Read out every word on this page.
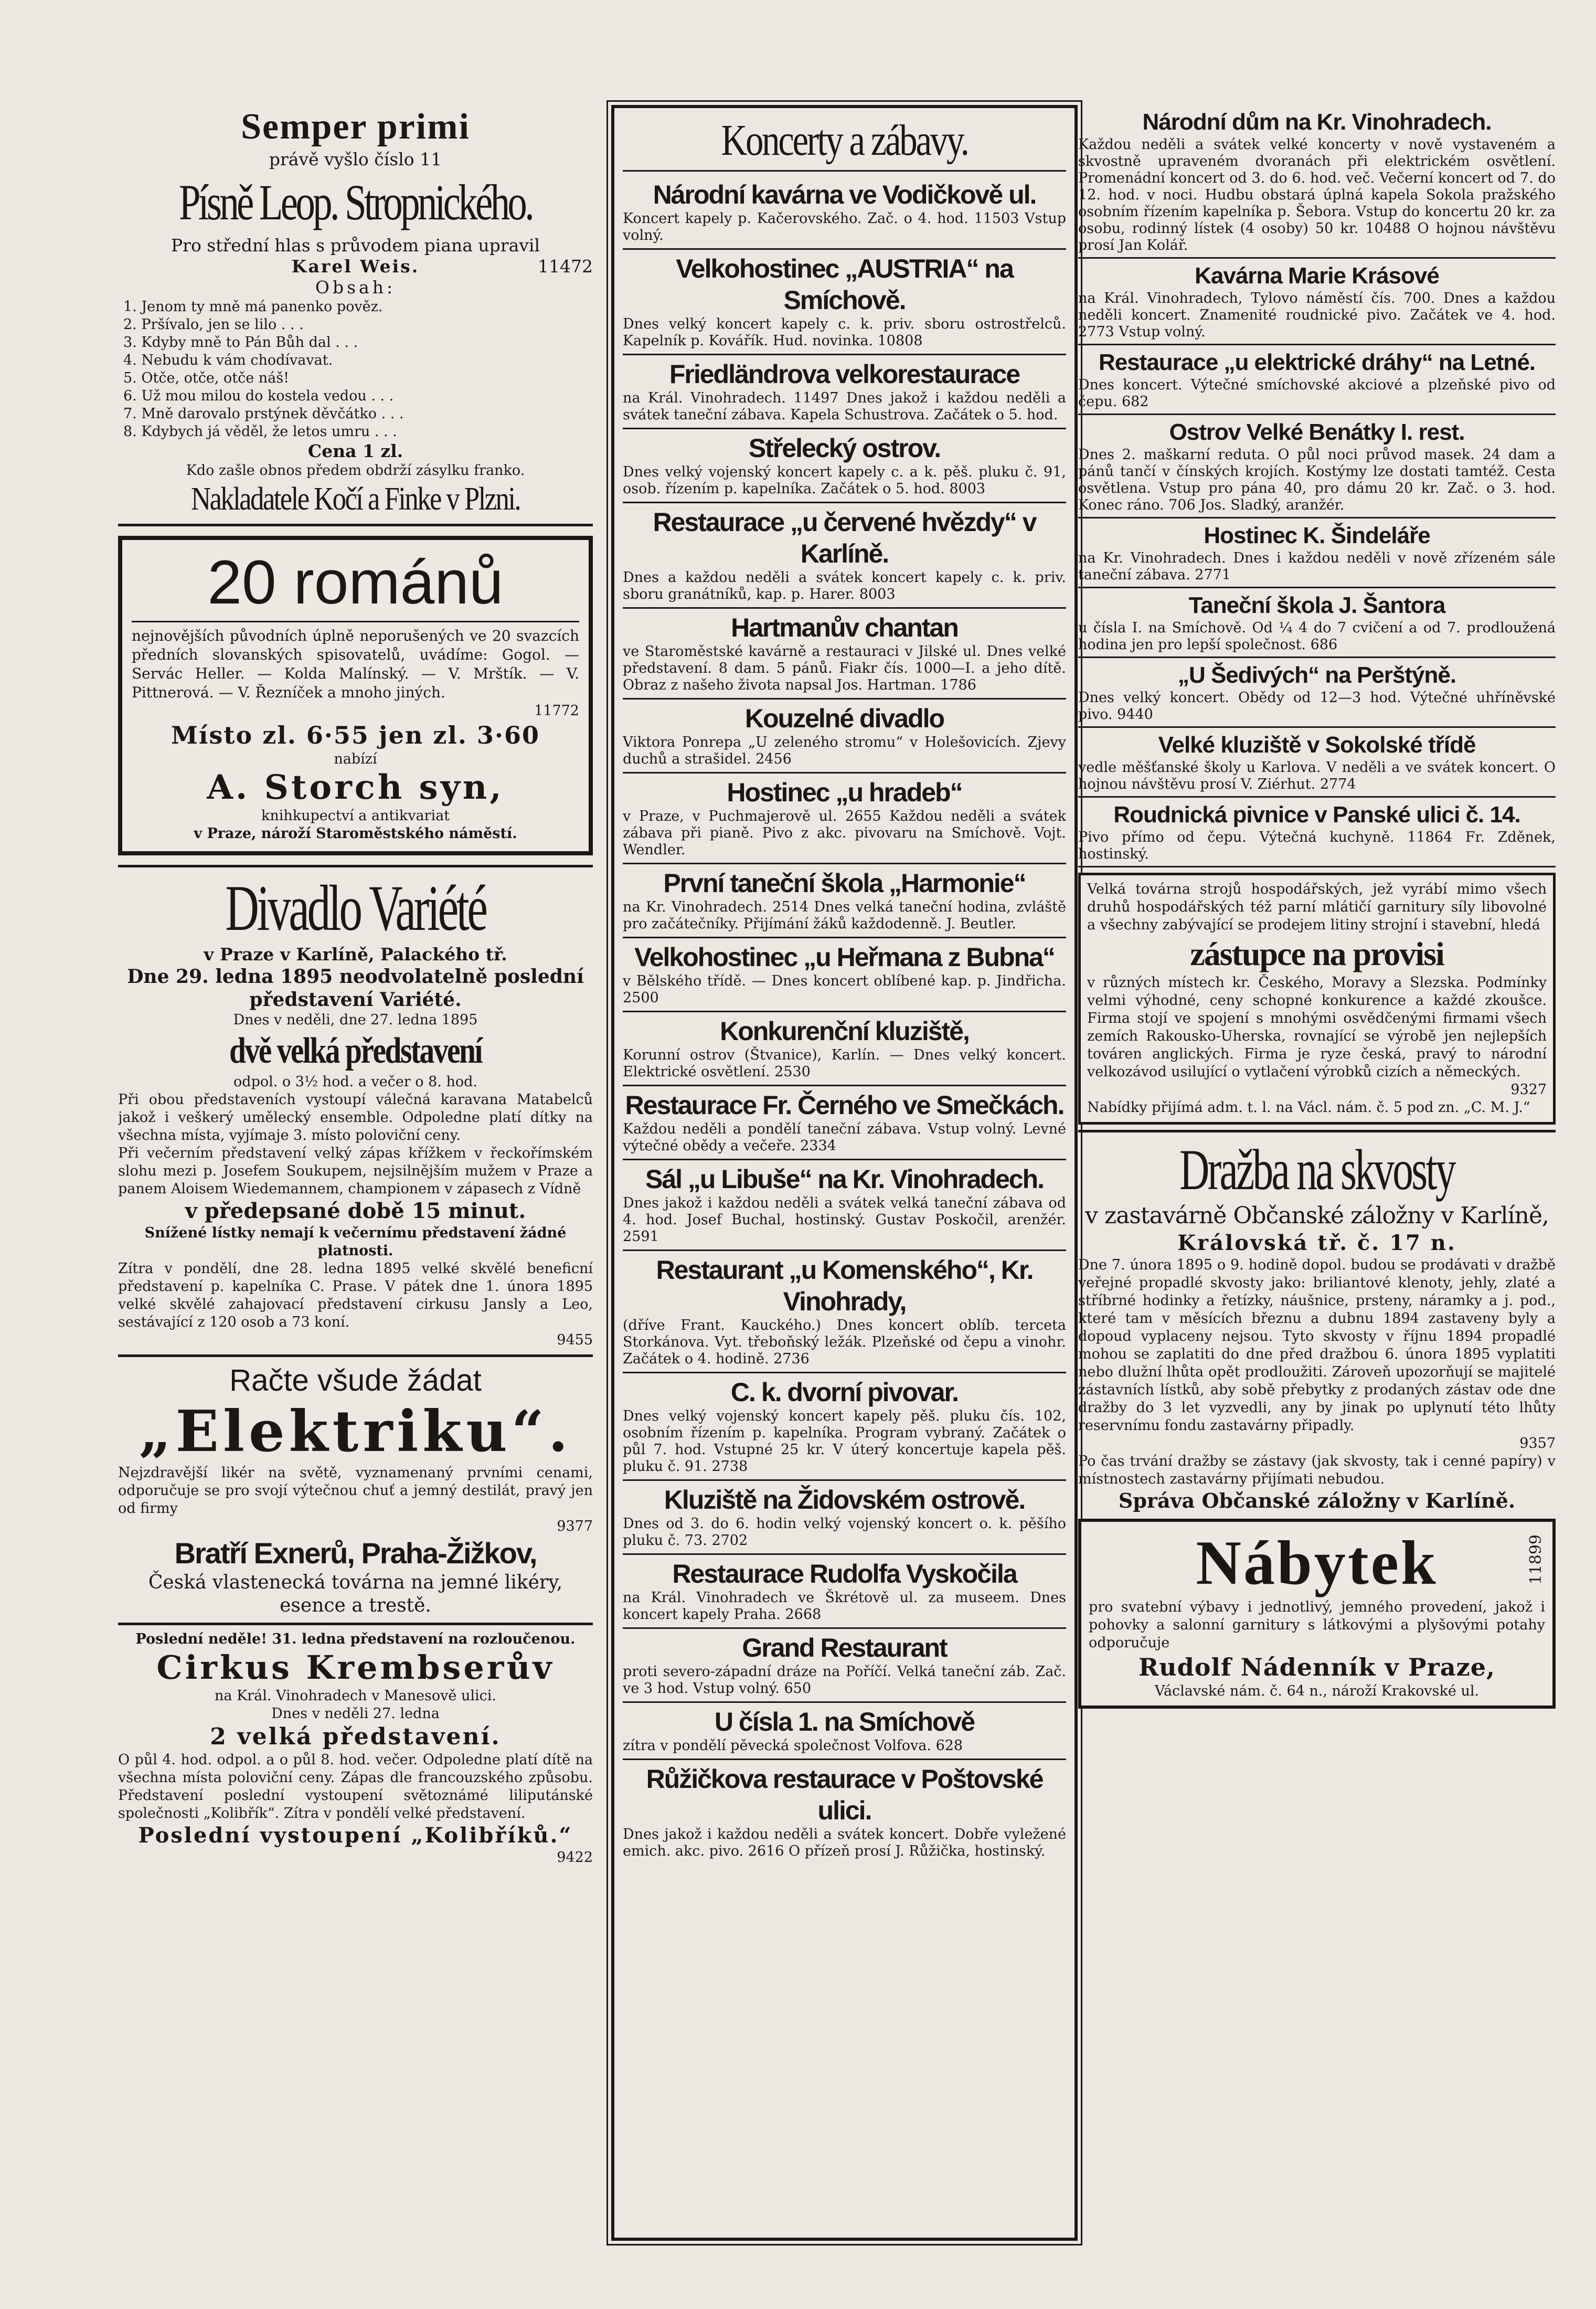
Semper primi
právě vyšlo číslo 11
Písně Leop. Stropnického.
Pro střední hlas s průvodem piana upravil
Karel Weis.	11472
Obsah:
1. Jenom ty mně má panenko pověz.
2. Pršívalo, jen se lilo . . .
3. Kdyby mně to Pán Bůh dal . . .
4. Nebudu k vám chodívavat.
5. Otče, otče, otče náš!
6. Už mou milou do kostela vedou . . .
7. Mně darovalo prstýnek děvčátko . . .
8. Kdybych já věděl, že letos umru . . .
Cena 1 zl.
Kdo zašle obnos předem obdrží zásylku franko.
Nakladatele Kočí a Finke v Plzni.
20 románů
nejnovějších původních úplně neporušených ve 20 svazcích předních slovanských spisovatelů, uvádíme: Gogol. — Servác Heller. — Kolda Malínský. — V. Mrštík. — V. Pittnerová. — V. Řezníček a mnoho jiných.
11772
Místo zl. 6·55 jen zl. 3·60
nabízí
A. Storch syn,
knihkupectví a antikvariat
v Praze, nároží Staroměstského náměstí.
Divadlo Variété
v Praze v Karlíně, Palackého tř.
Dne 29. ledna 1895 neodvolatelně poslední představení Variété.
Dnes v neděli, dne 27. ledna 1895
dvě velká představení
odpol. o 3½ hod. a večer o 8. hod.
Při obou představeních vystoupí válečná karavana Matabelců jakož i veškerý umělecký ensemble. Odpoledne platí dítky na všechna místa, vyjímaje 3. místo poloviční ceny.
Při večerním představení velký zápas křížkem v řeckořímském slohu mezi p. Josefem Soukupem, nejsilnějším mužem v Praze a panem Aloisem Wiedemannem, championem v zápasech z Vídně
v předepsané době 15 minut.
Snížené lístky nemají k večernímu představení žádné platnosti.
Zítra v pondělí, dne 28. ledna 1895 velké skvělé beneficní představení p. kapelníka C. Prase. V pátek dne 1. února 1895 velké skvělé zahajovací představení cirkusu Jansly a Leo, sestávající z 120 osob a 73 koní.
9455
Račte všude žádat
„Elektriku“.
Nejzdravější likér na světě, vyznamenaný prvními cenami, odporučuje se pro svojí výtečnou chuť a jemný destilát, pravý jen od firmy
9377
Bratří Exnerů, Praha-Žižkov,
Česká vlastenecká továrna na jemné likéry, esence a trestě.
Poslední neděle! 31. ledna představení na rozloučenou.
Cirkus Krembserův
na Král. Vinohradech v Manesově ulici.
Dnes v neděli 27. ledna
2 velká představení.
O půl 4. hod. odpol. a o půl 8. hod. večer. Odpoledne platí dítě na všechna místa poloviční ceny. Zápas dle francouzského způsobu. Představení poslední vystoupení světoznámé liliputánské společnosti „Kolibřík“. Zítra v pondělí velké představení.
Poslední vystoupení „Kolibříků.“
9422
Koncerty a zábavy.
Národní kavárna ve Vodičkově ul.
Koncert kapely p. Kačerovského. Zač. o 4. hod. 11503 Vstup volný.
Velkohostinec „AUSTRIA“ na Smíchově.
Dnes velký koncert kapely c. k. priv. sboru ostrostřelců. Kapelník p. Kovářík. Hud. novinka. 10808
Friedländrova velkorestaurace
na Král. Vinohradech. 11497 Dnes jakož i každou neděli a svátek taneční zábava. Kapela Schustrova. Začátek o 5. hod.
Střelecký ostrov.
Dnes velký vojenský koncert kapely c. a k. pěš. pluku č. 91, osob. řízením p. kapelníka. Začátek o 5. hod. 8003
Restaurace „u červené hvězdy“ v Karlíně.
Dnes a každou neděli a svátek koncert kapely c. k. priv. sboru granátníků, kap. p. Harer. 8003
Hartmanův chantan
ve Staroměstské kavárně a restauraci v Jilské ul. Dnes velké představení. 8 dam. 5 pánů. Fiakr čís. 1000—I. a jeho dítě. Obraz z našeho života napsal Jos. Hartman. 1786
Kouzelné divadlo
Viktora Ponrepa „U zeleného stromu“ v Holešovicích. Zjevy duchů a strašidel. 2456
Hostinec „u hradeb“
v Praze, v Puchmajerově ul. 2655 Každou neděli a svátek zábava při pianě. Pivo z akc. pivovaru na Smíchově. Vojt. Wendler.
První taneční škola „Harmonie“
na Kr. Vinohradech. 2514 Dnes velká taneční hodina, zvláště pro začátečníky. Přijímání žáků každodenně. J. Beutler.
Velkohostinec „u Heřmana z Bubna“
v Bělského třídě. — Dnes koncert oblíbené kap. p. Jindřicha. 2500
Konkurenční kluziště,
Korunní ostrov (Štvanice), Karlín. — Dnes velký koncert. Elektrické osvětlení. 2530
Restaurace Fr. Černého ve Smečkách.
Každou neděli a pondělí taneční zábava. Vstup volný. Levné výtečné obědy a večeře. 2334
Sál „u Libuše“ na Kr. Vinohradech.
Dnes jakož i každou neděli a svátek velká taneční zábava od 4. hod. Josef Buchal, hostinský. Gustav Poskočil, arenžér. 2591
Restaurant „u Komenského“, Kr. Vinohrady,
(dříve Frant. Kauckého.) Dnes koncert oblíb. terceta Storkánova. Vyt. třeboňský ležák. Plzeňské od čepu a vinohr. Začátek o 4. hodině. 2736
C. k. dvorní pivovar.
Dnes velký vojenský koncert kapely pěš. pluku čís. 102, osobním řízením p. kapelníka. Program vybraný. Začátek o půl 7. hod. Vstupné 25 kr. V úterý koncertuje kapela pěš. pluku č. 91. 2738
Kluziště na Židovském ostrově.
Dnes od 3. do 6. hodin velký vojenský koncert o. k. pěšího pluku č. 73. 2702
Restaurace Rudolfa Vyskočila
na Král. Vinohradech ve Škrétově ul. za museem. Dnes koncert kapely Praha. 2668
Grand Restaurant
proti severo-západní dráze na Poříčí. Velká taneční záb. Zač. ve 3 hod. Vstup volný. 650
U čísla 1. na Smíchově
zítra v pondělí pěvecká společnost Volfova. 628
Růžičkova restaurace v Poštovské ulici.
Dnes jakož i každou neděli a svátek koncert. Dobře vyležené emich. akc. pivo. 2616 O přízeň prosí J. Růžička, hostinský.
Národní dům na Kr. Vinohradech.
Každou neděli a svátek velké koncerty v nově vystaveném a skvostně upraveném dvoranách při elektrickém osvětlení. Promenádní koncert od 3. do 6. hod. več. Večerní koncert od 7. do 12. hod. v noci. Hudbu obstará úplná kapela Sokola pražského osobním řízením kapelníka p. Šebora. Vstup do koncertu 20 kr. za osobu, rodinný lístek (4 osoby) 50 kr. 10488 O hojnou návštěvu prosí Jan Kolář.
Kavárna Marie Krásové
na Král. Vinohradech, Tylovo náměstí čís. 700. Dnes a každou neděli koncert. Znamenité roudnické pivo. Začátek ve 4. hod. 2773 Vstup volný.
Restaurace „u elektrické dráhy“ na Letné.
Dnes koncert. Výtečné smíchovské akciové a plzeňské pivo od čepu. 682
Ostrov Velké Benátky I. rest.
Dnes 2. maškarní reduta. O půl noci průvod masek. 24 dam a pánů tančí v čínských krojích. Kostýmy lze dostati tamtéž. Cesta osvětlena. Vstup pro pána 40, pro dámu 20 kr. Zač. o 3. hod. Konec ráno. 706 Jos. Sladký, aranžér.
Hostinec K. Šindeláře
na Kr. Vinohradech. Dnes i každou neděli v nově zřízeném sále taneční zábava. 2771
Taneční škola J. Šantora
u čísla I. na Smíchově. Od ¼ 4 do 7 cvičení a od 7. prodloužená hodina jen pro lepší společnost. 686
„U Šedivých“ na Perštýně.
Dnes velký koncert. Obědy od 12—3 hod. Výtečné uhříněvské pivo. 9440
Velké kluziště v Sokolské třídě
vedle měšťanské školy u Karlova. V neděli a ve svátek koncert. O hojnou návštěvu prosí V. Ziérhut. 2774
Roudnická pivnice v Panské ulici č. 14.
Pivo přímo od čepu. Výtečná kuchyně. 11864 Fr. Zděnek, hostinský.
Velká továrna strojů hospodářských, jež vyrábí mimo všech druhů hospodářských též parní mlátičí garnitury síly libovolné a všechny zabývající se prodejem litiny strojní i stavební, hledá
zástupce na provisi
v různých místech kr. Českého, Moravy a Slezska. Podmínky velmi výhodné, ceny schopné konkurence a každé zkoušce. Firma stojí ve spojení s mnohými osvědčenými firmami všech zemích Rakousko-Uherska, rovnající se výrobě jen nejlepších továren anglických. Firma je ryze česká, pravý to národní velkozávod usilující o vytlačení výrobků cizích a německých.
9327
Nabídky přijímá adm. t. l. na Václ. nám. č. 5 pod zn. „C. M. J.“
Dražba na skvosty
v zastavárně Občanské záložny v Karlíně,
Královská tř. č. 17 n.
Dne 7. února 1895 o 9. hodině dopol. budou se prodávati v dražbě veřejné propadlé skvosty jako: briliantové klenoty, jehly, zlaté a stříbrné hodinky a řetízky, náušnice, prsteny, náramky a j. pod., které tam v měsících březnu a dubnu 1894 zastaveny byly a dopoud vyplaceny nejsou. Tyto skvosty v říjnu 1894 propadlé mohou se zaplatiti do dne před dražbou 6. února 1895 vyplatiti nebo dlužní lhůta opět prodloužiti. Zároveň upozorňují se majitelé zástavních lístků, aby sobě přebytky z prodaných zástav ode dne dražby do 3 let vyzvedli, any by jinak po uplynutí této lhůty reservnímu fondu zastavárny připadly.
9357
Po čas trvání dražby se zástavy (jak skvosty, tak i cenné papíry) v místnostech zastavárny přijímati nebudou.
Správa Občanské záložny v Karlíně.
11899
Nábytek
pro svatební výbavy i jednotlivý, jemného provedení, jakož i pohovky a salonní garnitury s látkovými a plyšovými potahy odporučuje
Rudolf Nádenník v Praze,
Václavské nám. č. 64 n., nároží Krakovské ul.
